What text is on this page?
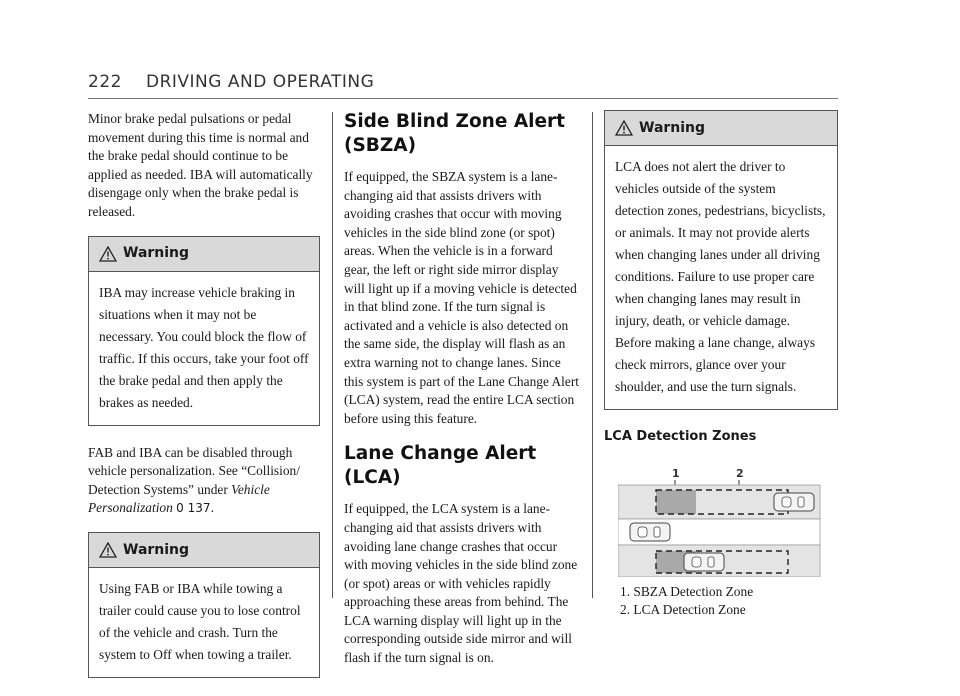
222 DRIVING AND OPERATING

Minor brake pedal pulsations or pedal movement during this time is normal and the brake pedal should continue to be applied as needed. IBA will automatically disengage only when the brake pedal is released.

Warning
IBA may increase vehicle braking in situations when it may not be necessary. You could block the flow of traffic. If this occurs, take your foot off the brake pedal and then apply the brakes as needed.

FAB and IBA can be disabled through vehicle personalization. See “Collision/ Detection Systems” under Vehicle Personalization 0 137.

Warning
Using FAB or IBA while towing a trailer could cause you to lose control of the vehicle and crash. Turn the system to Off when towing a trailer.
Side Blind Zone Alert (SBZA)

If equipped, the SBZA system is a lane-changing aid that assists drivers with avoiding crashes that occur with moving vehicles in the side blind zone (or spot) areas. When the vehicle is in a forward gear, the left or right side mirror display will light up if a moving vehicle is detected in that blind zone. If the turn signal is activated and a vehicle is also detected on the same side, the display will flash as an extra warning not to change lanes. Since this system is part of the Lane Change Alert (LCA) system, read the entire LCA section before using this feature.

Lane Change Alert (LCA)

If equipped, the LCA system is a lane-changing aid that assists drivers with avoiding lane change crashes that occur with moving vehicles in the side blind zone (or spot) areas or with vehicles rapidly approaching these areas from behind. The LCA warning display will light up in the corresponding outside side mirror and will flash if the turn signal is on.

Warning
LCA does not alert the driver to vehicles outside of the system detection zones, pedestrians, bicyclists, or animals. It may not provide alerts when changing lanes under all driving conditions. Failure to use proper care when changing lanes may result in injury, death, or vehicle damage. Before making a lane change, always check mirrors, glance over your shoulder, and use the turn signals.
LCA Detection Zones
1	2
1. SBZA Detection Zone
2. LCA Detection Zone
